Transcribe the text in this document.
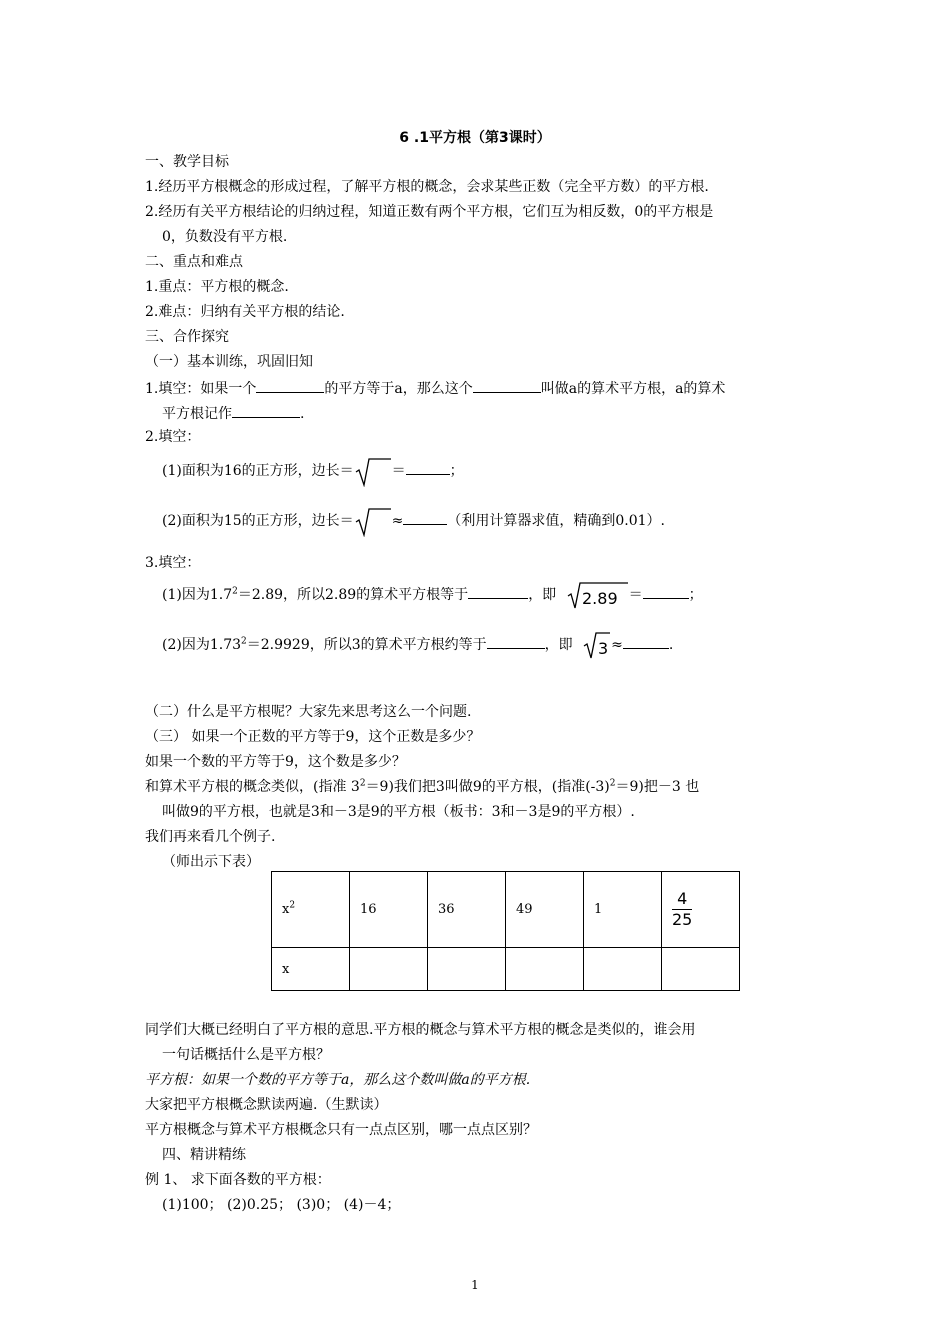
6 .1平方根（第3课时）
一、教学目标
1.经历平方根概念的形成过程，了解平方根的概念，会求某些正数（完全平方数）的平方根.
2.经历有关平方根结论的归纳过程，知道正数有两个平方根，它们互为相反数，0的平方根是
0，负数没有平方根.
二、重点和难点
1.重点：平方根的概念.
2.难点：归纳有关平方根的结论.
三、合作探究
（一）基本训练，巩固旧知
1.填空：如果一个	的平方等于a，那么这个	叫做a的算术平方根，a的算术
平方根记作	.
2.填空：
(1)面积为16的正方形，边长＝	＝	；
(2)面积为15的正方形，边长＝	≈	（利用计算器求值，精确到0.01）.
3.填空：
(1)因为$1.7^2=2.89$，所以2.89的算术平方根等于	，即 2.89 ＝	；
(2)因为$1.73^2=2.9929$，所以3的算术平方根约等于	，即 3 ≈	.
（二）什么是平方根呢？大家先来思考这么一个问题.
（三） 如果一个正数的平方等于9，这个正数是多少？
如果一个数的平方等于9，这个数是多少？
和算术平方根的概念类似，(指准 $3^2=9$)我们把3叫做9的平方根，(指准$(-3)^2=9$)把－3 也
叫做9的平方根，也就是3和－3是9的平方根（板书：3和－3是9的平方根）.
我们再来看几个例子.
（师出示下表）
$x^2$	16	36	49	1	$\frac{4}{25}$

x					
同学们大概已经明白了平方根的意思.平方根的概念与算术平方根的概念是类似的，谁会用
一句话概括什么是平方根？
平方根：如果一个数的平方等于a，那么这个数叫做a的平方根.
大家把平方根概念默读两遍.（生默读）
平方根概念与算术平方根概念只有一点点区别，哪一点点区别？
四、精讲精练
例 1、 求下面各数的平方根：
(1)100； (2)0.25； (3)0； (4)－4；
1
